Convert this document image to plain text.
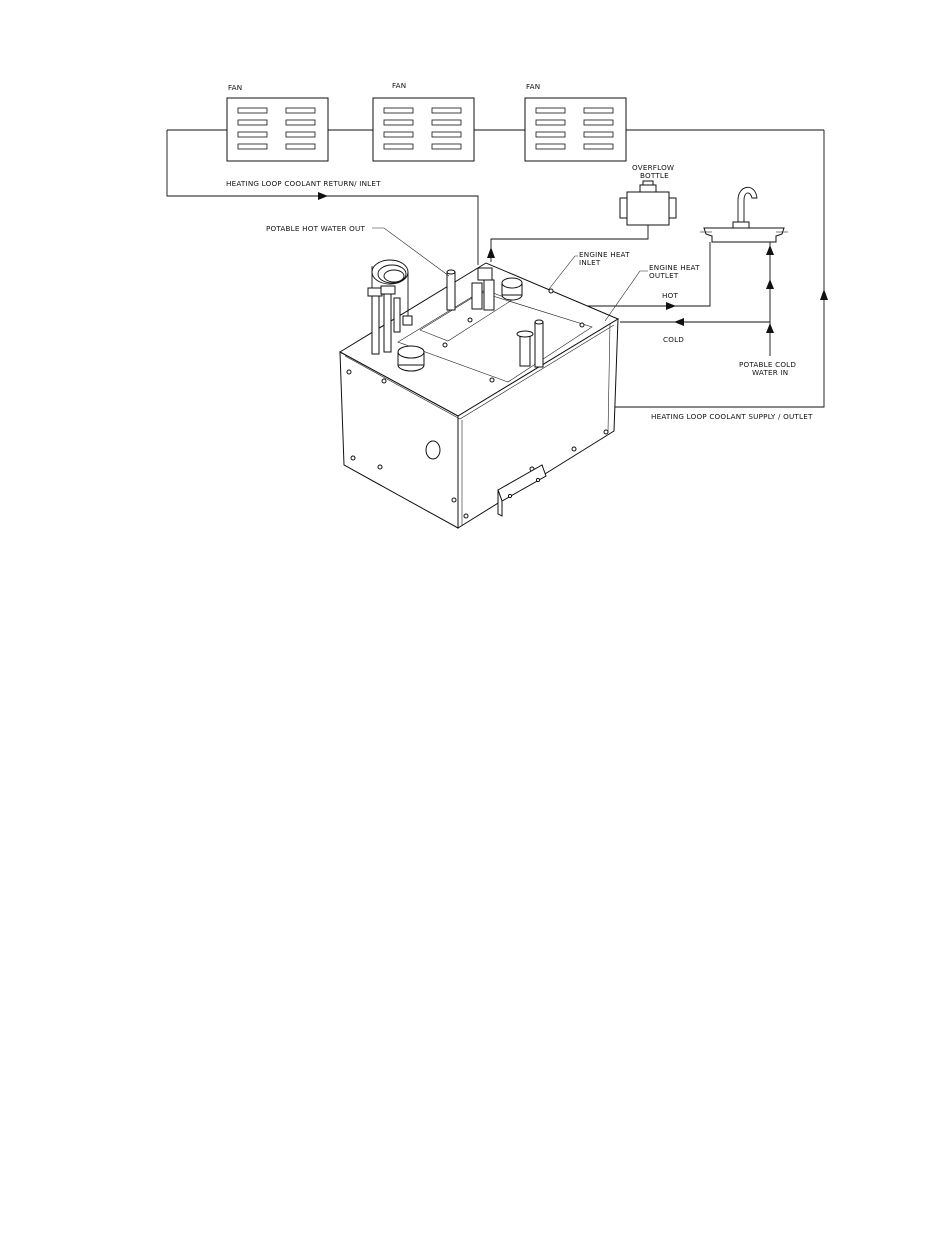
FAN	FAN	FAN
OVERFLOW
BOTTLE
HEATING LOOP COOLANT RETURN/ INLET
POTABLE HOT WATER OUT
ENGINE HEAT
INLET
ENGINE HEAT
OUTLET
HOT
COLD
POTABLE COLD
WATER IN
HEATING LOOP COOLANT SUPPLY / OUTLET
